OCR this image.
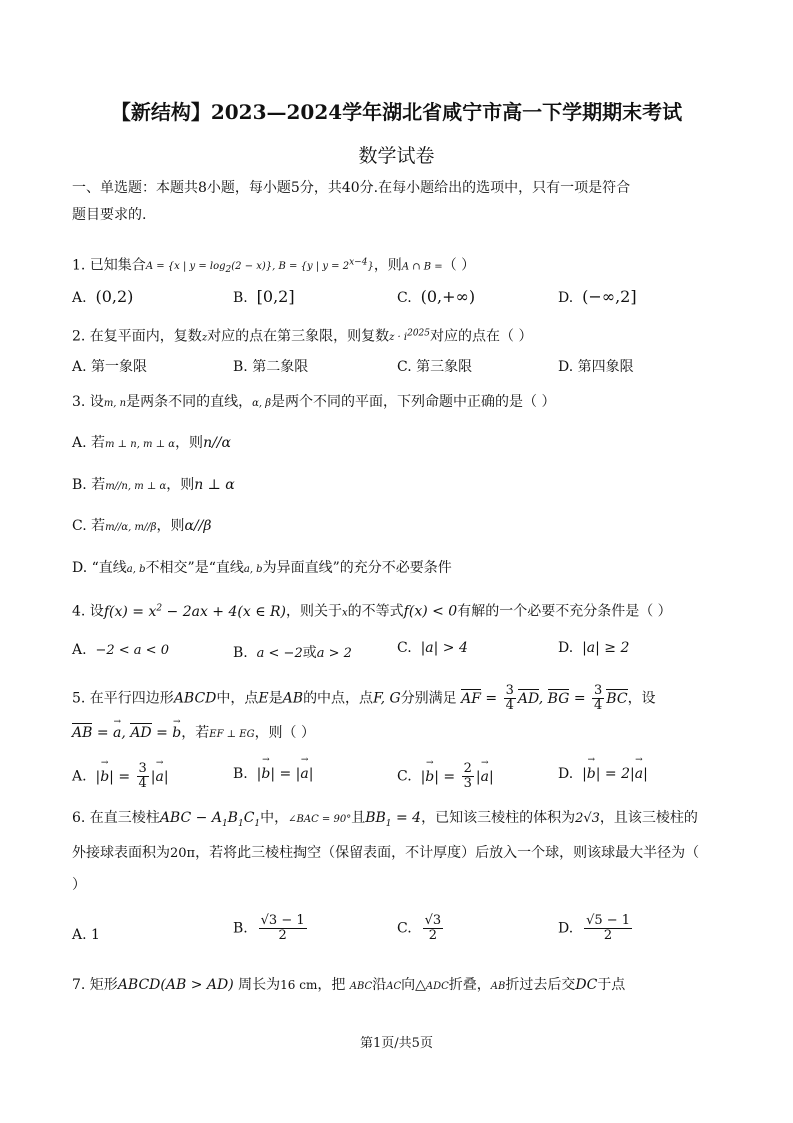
【新结构】2023—2024学年湖北省咸宁市高一下学期期末考试
数学试卷
一、单选题：本题共8小题，每小题5分，共40分.在每小题给出的选项中，只有一项是符合
题目要求的.
1. 已知集合A = {x | $y = \log_2(2 - x)$}, B = {y | $y = 2^{x-4}$}，则A ∩ B =（ ）
A. (0,2)	B. [0,2]	C. (0,+∞)	D. (−∞,2]
2. 在复平面内，复数z对应的点在第三象限，则复数$z \cdot i^{2025}$对应的点在（ ）
A. 第一象限	B. 第二象限	C. 第三象限	D. 第四象限
3. 设m, n是两条不同的直线，α, β是两个不同的平面，下列命题中正确的是（ ）
A. 若m ⊥ n, m ⊥ α，则n//α
B. 若m//n, m ⊥ α，则n ⊥ α
C. 若m//α, m//β，则α//β
D. “直线a, b不相交”是“直线a, b为异面直线”的充分不必要条件
4. 设$f(x) = x^2 - 2ax + 4(x$ ∈ R)，则关于x的不等式f(x) < 0有解的一个必要不充分条件是（ ）
A.  −2 < a < 0	B.  a < −2或a > 2	C.  |a| > 4	D.  |a| ≥ 2
5. 在平行四边形ABCD中，点E是AB的中点，点F, G分别满足 AF = $\frac{3}{4}$ AD, BG = $\frac{3}{4}$ BC，设
AB = → a, AD = → b，若EF ⊥ EG，则（ ）
A.  |→ $b| = \frac{3}{4}$ |→ a|	B.  |→ b| = |→ a|	C.  |→ $b| = \frac{2}{3}$ |→ a|	D.  |→ b| = 2|→ a|
6. 在直三棱柱ABC − $A_1B_1C_1$中，∠BAC = 90°且$BB_1 = 4$，已知该三棱柱的体积为2√3，且该三棱柱的
外接球表面积为20π，若将此三棱柱掏空（保留表面，不计厚度）后放入一个球，则该球最大半径为（
）
A. 1	B. $\frac{√3 - 1}{2}$	C. $\frac{√3}{2}$	D. $\frac{√5 - 1}{2}$
7. 矩形ABCD(AB > AD) 周长为16 cm，把 ABC沿AC向△ADC折叠，AB折过去后交DC于点
第1页/共5页
